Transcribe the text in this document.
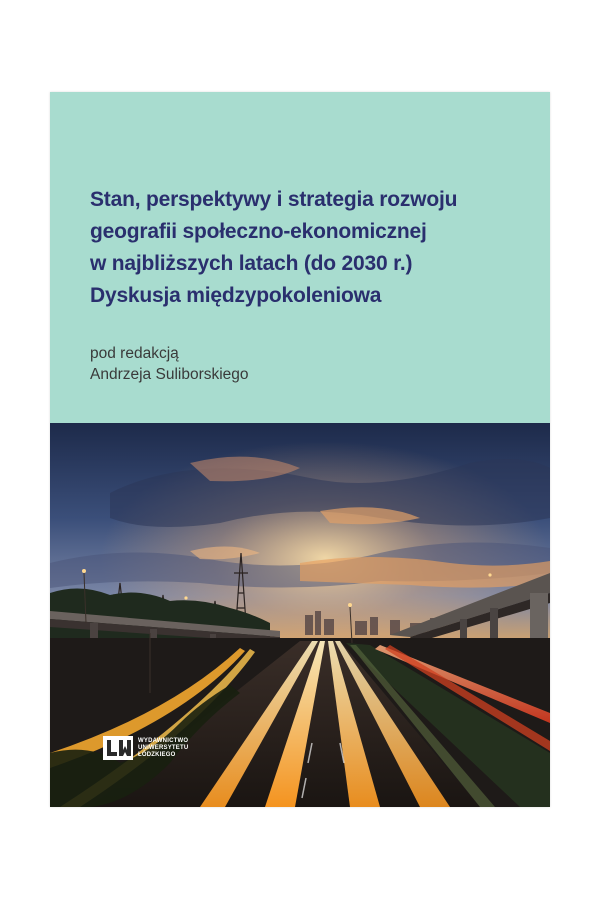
Stan, perspektywy i strategia rozwoju
geografii społeczno-ekonomicznej
w najbliższych latach (do 2030 r.)
Dyskusja międzypokoleniowa
pod redakcją
Andrzeja Suliborskiego
WYDAWNICTWO
UNIWERSYTETU
ŁÓDZKIEGO
